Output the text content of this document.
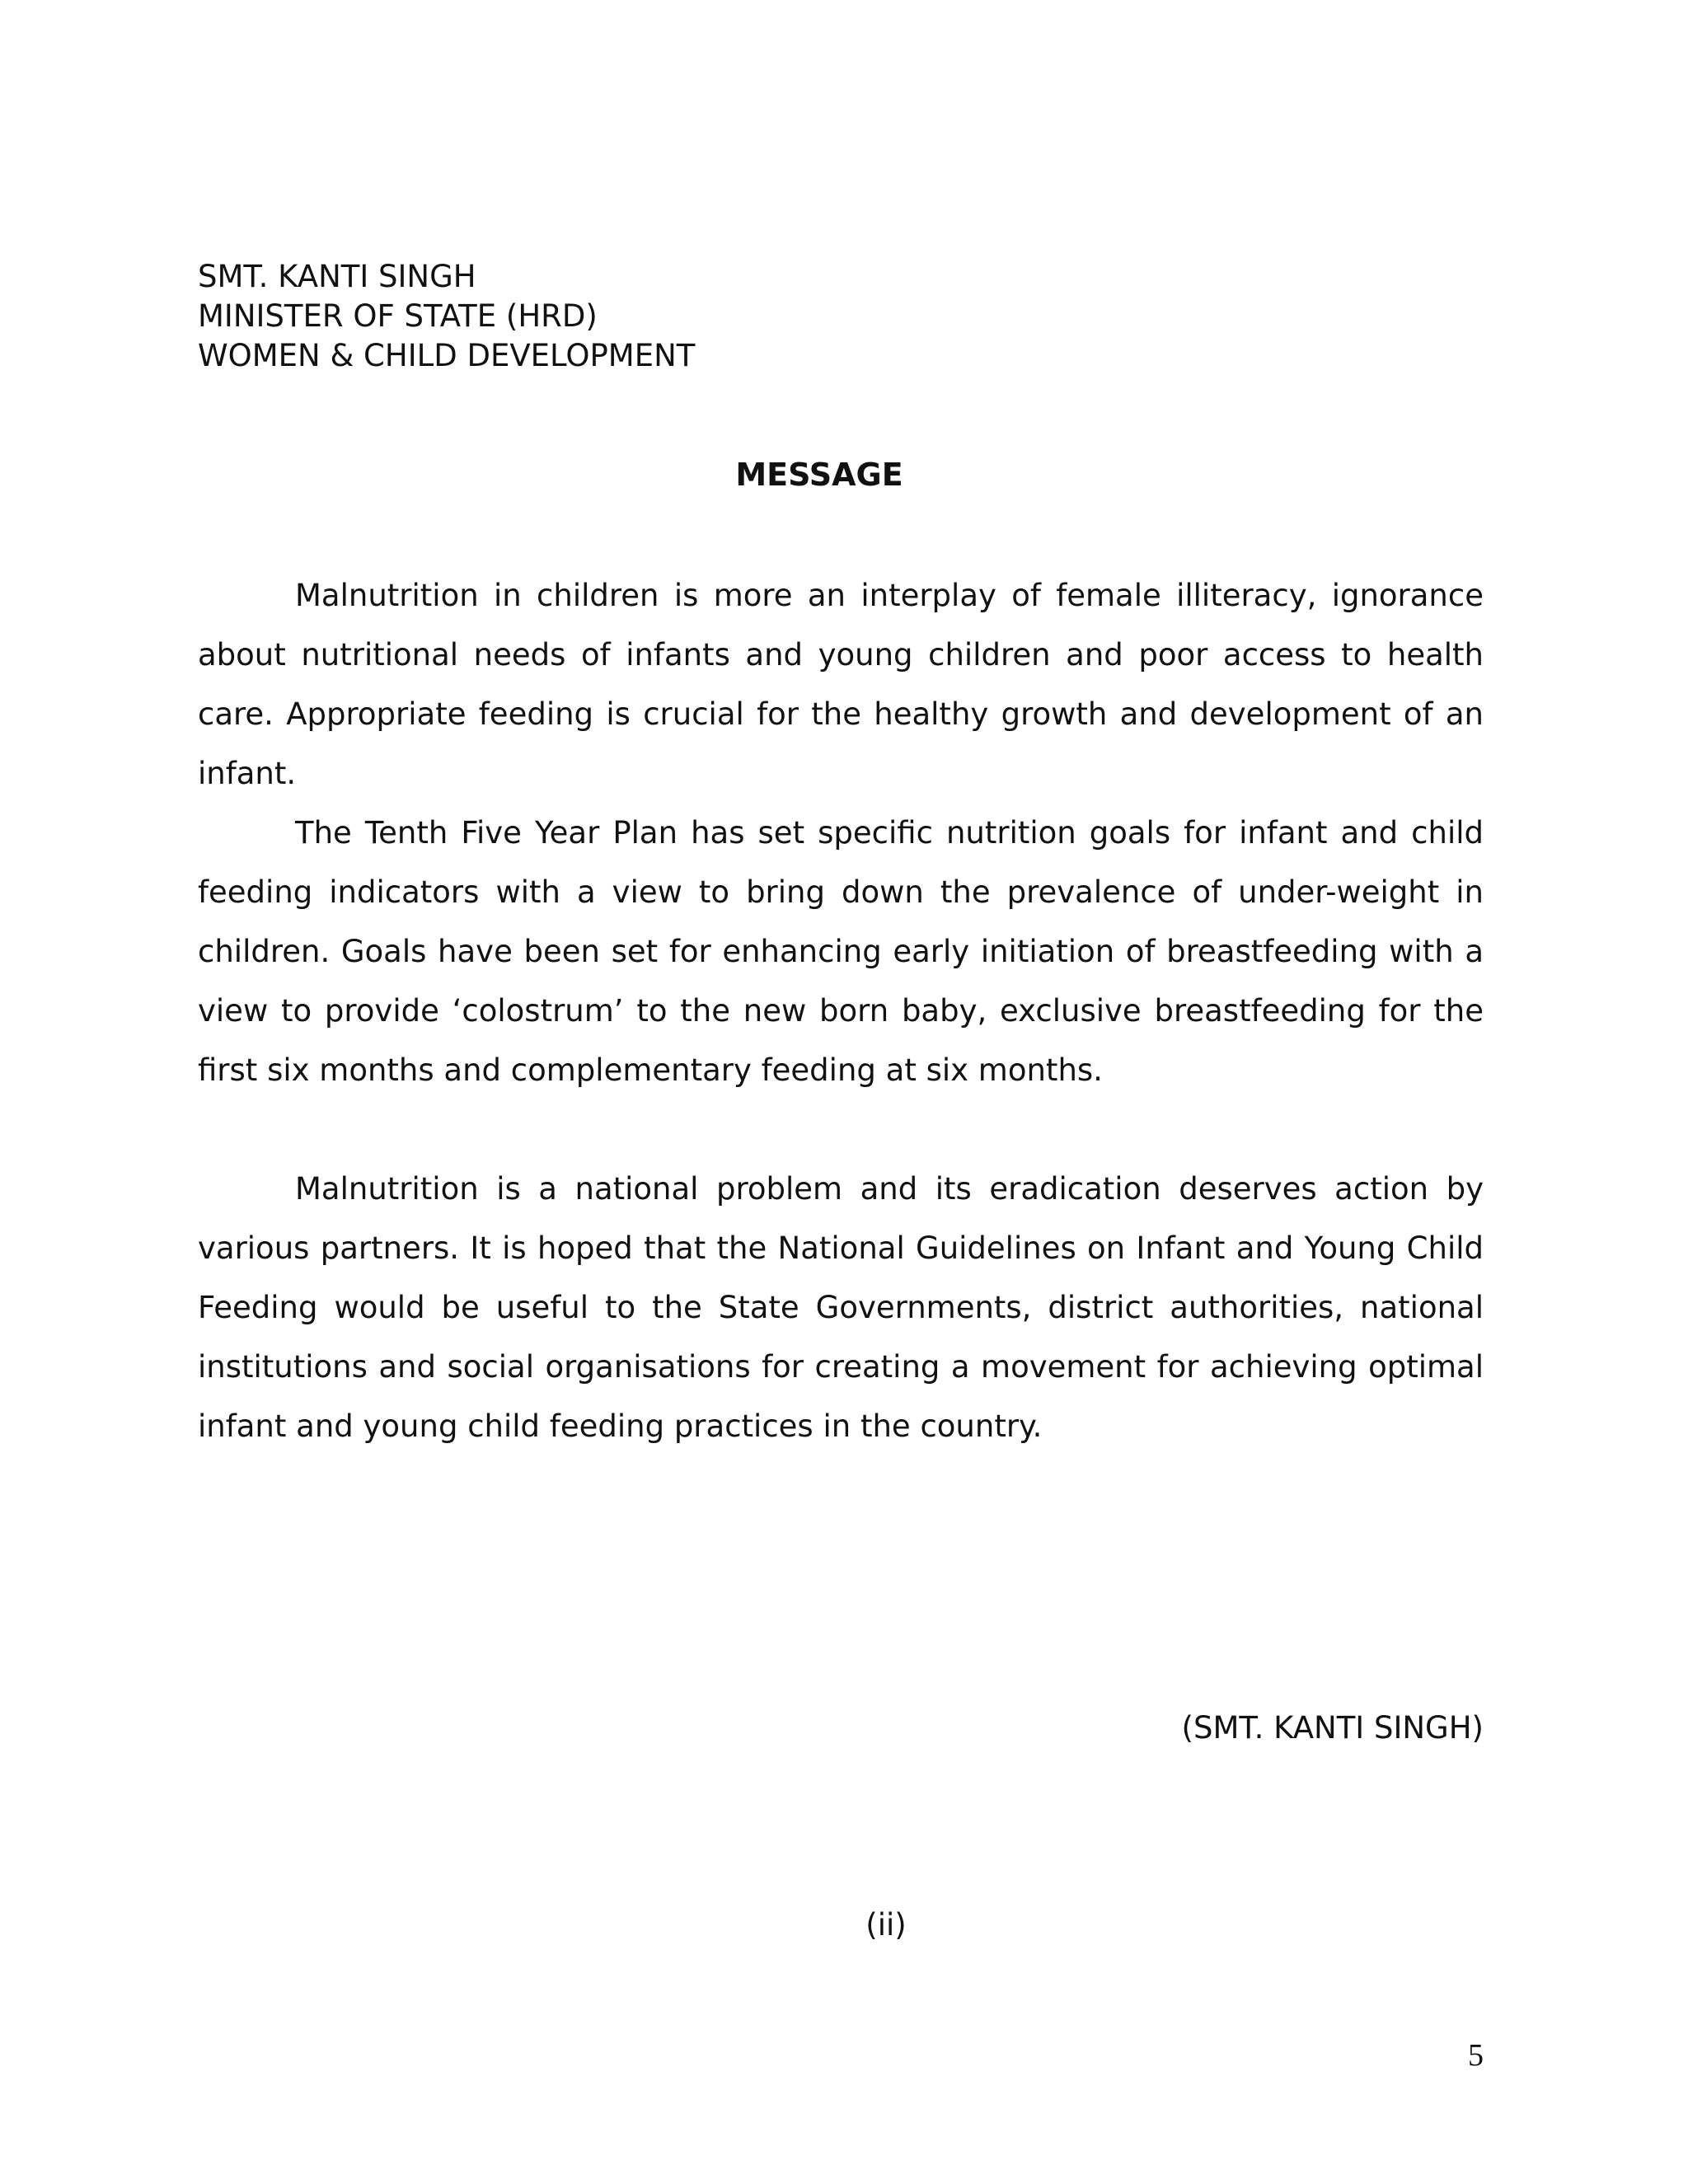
SMT. KANTI SINGH
MINISTER OF STATE (HRD)
WOMEN & CHILD DEVELOPMENT
MESSAGE

Malnutrition in children is more an interplay of female illiteracy, ignorance about nutritional needs of infants and young children and poor access to health care. Appropriate feeding is crucial for the healthy growth and development of an infant.

The Tenth Five Year Plan has set specific nutrition goals for infant and child feeding indicators with a view to bring down the prevalence of under-weight in children. Goals have been set for enhancing early initiation of breastfeeding with a view to provide ‘colostrum’ to the new born baby, exclusive breastfeeding for the first six months and complementary feeding at six months.

Malnutrition is a national problem and its eradication deserves action by various partners. It is hoped that the National Guidelines on Infant and Young Child Feeding would be useful to the State Governments, district authorities, national institutions and social organisations for creating a movement for achieving optimal infant and young child feeding practices in the country.

(SMT. KANTI SINGH)
(ii)
5
